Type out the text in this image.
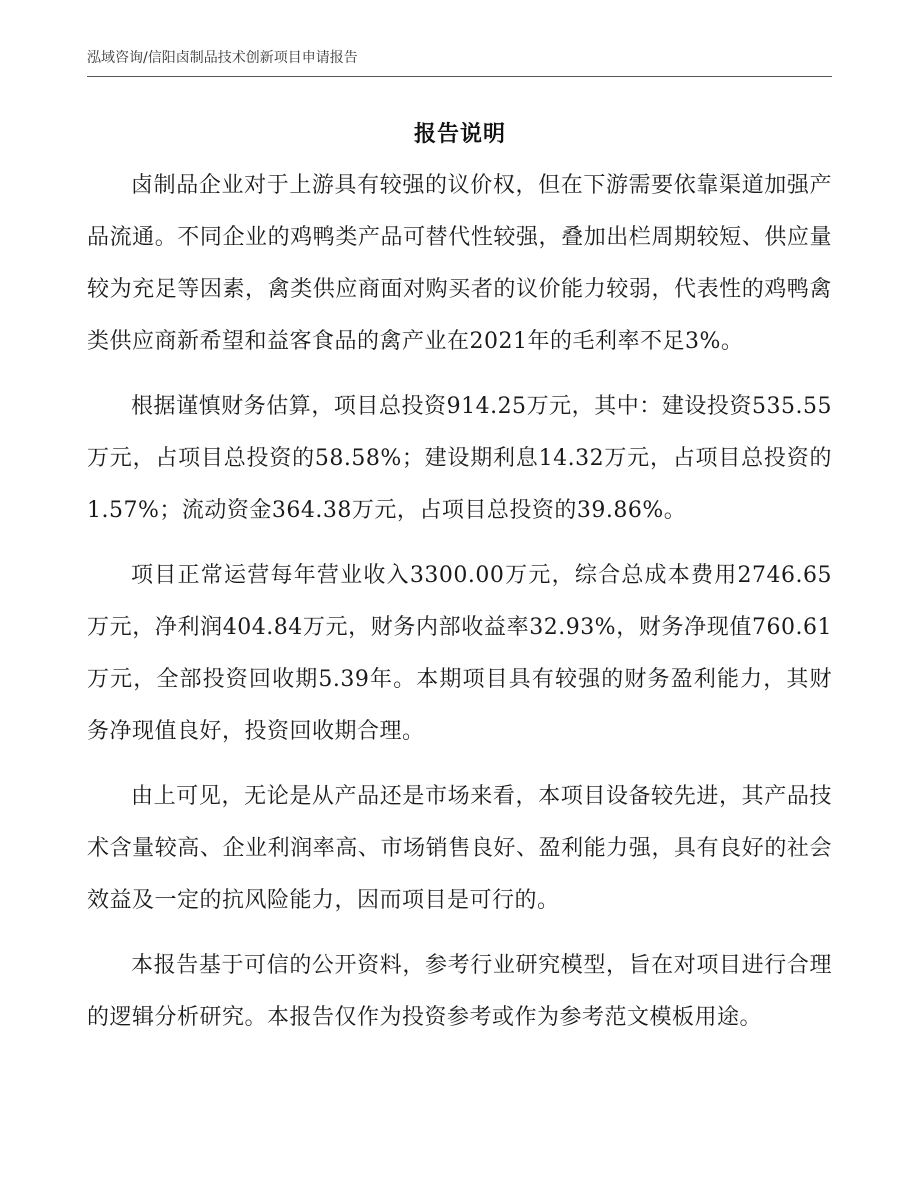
泓域咨询/信阳卤制品技术创新项目申请报告
报告说明

卤制品企业对于上游具有较强的议价权，但在下游需要依靠渠道加强产品流通。不同企业的鸡鸭类产品可替代性较强，叠加出栏周期较短、供应量较为充足等因素，禽类供应商面对购买者的议价能力较弱，代表性的鸡鸭禽类供应商新希望和益客食品的禽产业在2021年的毛利率不足3%。

根据谨慎财务估算，项目总投资914.25万元，其中：建设投资535.55万元，占项目总投资的58.58%；建设期利息14.32万元，占项目总投资的1.57%；流动资金364.38万元，占项目总投资的39.86%。

项目正常运营每年营业收入3300.00万元，综合总成本费用2746.65万元，净利润404.84万元，财务内部收益率32.93%，财务净现值760.61万元，全部投资回收期5.39年。本期项目具有较强的财务盈利能力，其财务净现值良好，投资回收期合理。

由上可见，无论是从产品还是市场来看，本项目设备较先进，其产品技术含量较高、企业利润率高、市场销售良好、盈利能力强，具有良好的社会效益及一定的抗风险能力，因而项目是可行的。

本报告基于可信的公开资料，参考行业研究模型，旨在对项目进行合理的逻辑分析研究。本报告仅作为投资参考或作为参考范文模板用途。
